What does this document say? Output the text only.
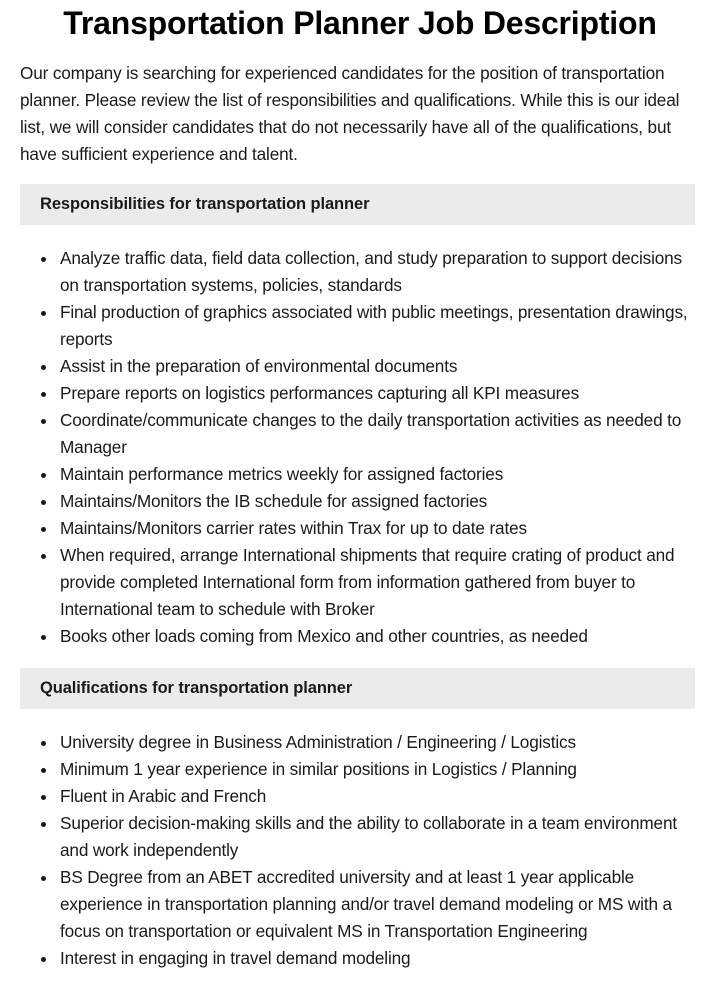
Transportation Planner Job Description

Our company is searching for experienced candidates for the position of transportation planner. Please review the list of responsibilities and qualifications. While this is our ideal list, we will consider candidates that do not necessarily have all of the qualifications, but have sufficient experience and talent.

Responsibilities for transportation planner
Analyze traffic data, field data collection, and study preparation to support decisions on transportation systems, policies, standards
Final production of graphics associated with public meetings, presentation drawings, reports
Assist in the preparation of environmental documents
Prepare reports on logistics performances capturing all KPI measures
Coordinate/communicate changes to the daily transportation activities as needed to Manager
Maintain performance metrics weekly for assigned factories
Maintains/Monitors the IB schedule for assigned factories
Maintains/Monitors carrier rates within Trax for up to date rates
When required, arrange International shipments that require crating of product and provide completed International form from information gathered from buyer to International team to schedule with Broker
Books other loads coming from Mexico and other countries, as needed
Qualifications for transportation planner
University degree in Business Administration / Engineering / Logistics
Minimum 1 year experience in similar positions in Logistics / Planning
Fluent in Arabic and French
Superior decision-making skills and the ability to collaborate in a team environment and work independently
BS Degree from an ABET accredited university and at least 1 year applicable experience in transportation planning and/or travel demand modeling or MS with a focus on transportation or equivalent MS in Transportation Engineering
Interest in engaging in travel demand modeling
